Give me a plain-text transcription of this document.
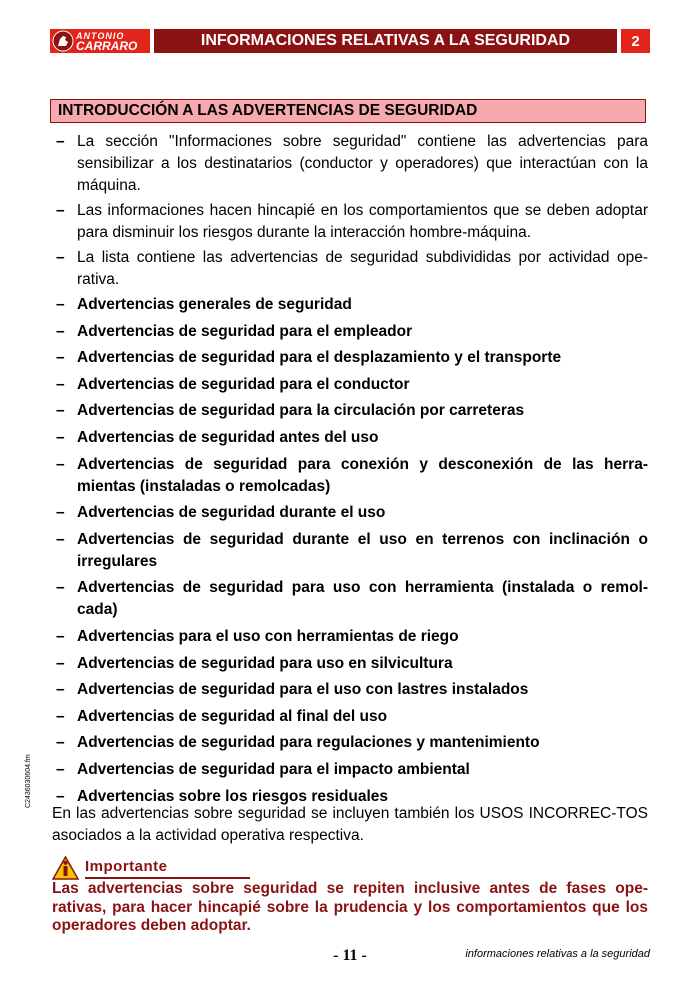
ANTONIO
CARRARO	INFORMACIONES RELATIVAS A LA SEGURIDAD	2
INTRODUCCIÓN A LAS ADVERTENCIAS DE SEGURIDAD
– La sección "Informaciones sobre seguridad" contiene las advertencias para sensibilizar a los destinatarios (conductor y operadores) que interactúan con la máquina.
– Las informaciones hacen hincapié en los comportamientos que se deben adoptar para disminuir los riesgos durante la interacción hombre-máquina.
– La lista contiene las advertencias de seguridad subdivididas por actividad ope-rativa.
– Advertencias generales de seguridad
– Advertencias de seguridad para el empleador
– Advertencias de seguridad para el desplazamiento y el transporte
– Advertencias de seguridad para el conductor
– Advertencias de seguridad para la circulación por carreteras
– Advertencias de seguridad antes del uso
– Advertencias de seguridad para conexión y desconexión de las herra-mientas (instaladas o remolcadas)
– Advertencias de seguridad durante el uso
– Advertencias de seguridad durante el uso en terrenos con inclinación o irregulares
– Advertencias de seguridad para uso con herramienta (instalada o remol-cada)
– Advertencias para el uso con herramientas de riego
– Advertencias de seguridad para uso en silvicultura
– Advertencias de seguridad para el uso con lastres instalados
– Advertencias de seguridad al final del uso
– Advertencias de seguridad para regulaciones y mantenimiento
– Advertencias de seguridad para el impacto ambiental
– Advertencias sobre los riesgos residuales
En las advertencias sobre seguridad se incluyen también los USOS INCORREC-TOS asociados a la actividad operativa respectiva.
Importante
Las advertencias sobre seguridad se repiten inclusive antes de fases ope-rativas, para hacer hincapié sobre la prudencia y los comportamientos que los operadores deben adoptar.
- 11 -	informaciones relativas a la seguridad
C2436030604.fm
